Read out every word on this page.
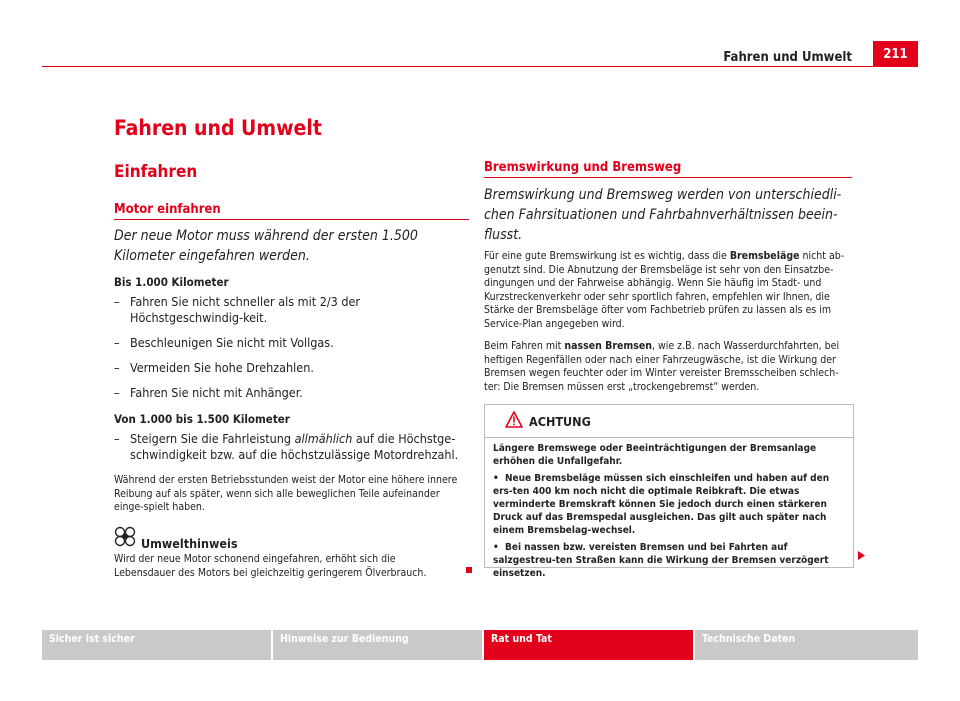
Fahren und Umwelt	211
Fahren und Umwelt
Einfahren
Motor einfahren
Der neue Motor muss während der ersten 1.500 Kilometer eingefahren werden.
Bis 1.000 Kilometer
– Fahren Sie nicht schneller als mit 2/3 der Höchstgeschwindig-keit.
– Beschleunigen Sie nicht mit Vollgas.
– Vermeiden Sie hohe Drehzahlen.
– Fahren Sie nicht mit Anhänger.
Von 1.000 bis 1.500 Kilometer
– Steigern Sie die Fahrleistung allmählich auf die Höchstge-schwindigkeit bzw. auf die höchstzulässige Motordrehzahl.
Während der ersten Betriebsstunden weist der Motor eine höhere innere Reibung auf als später, wenn sich alle beweglichen Teile aufeinander einge-spielt haben.
Umwelthinweis
Wird der neue Motor schonend eingefahren, erhöht sich die Lebensdauer des Motors bei gleichzeitig geringerem Ölverbrauch.
Bremswirkung und Bremsweg
Bremswirkung und Bremsweg werden von unterschiedli-chen Fahrsituationen und Fahrbahnverhältnissen beein-flusst.
Für eine gute Bremswirkung ist es wichtig, dass die Bremsbeläge nicht ab-genutzt sind. Die Abnutzung der Bremsbeläge ist sehr von den Einsatzbe-dingungen und der Fahrweise abhängig. Wenn Sie häufig im Stadt- und Kurzstreckenverkehr oder sehr sportlich fahren, empfehlen wir Ihnen, die Stärke der Bremsbeläge öfter vom Fachbetrieb prüfen zu lassen als es im Service-Plan angegeben wird.
Beim Fahren mit nassen Bremsen, wie z.B. nach Wasserdurchfahrten, bei heftigen Regenfällen oder nach einer Fahrzeugwäsche, ist die Wirkung der Bremsen wegen feuchter oder im Winter vereister Bremsscheiben schlech-ter: Die Bremsen müssen erst „trockengebremst“ werden.
ACHTUNG

Längere Bremswege oder Beeinträchtigungen der Bremsanlage erhöhen die Unfallgefahr.

•  Neue Bremsbeläge müssen sich einschleifen und haben auf den ers-ten 400 km noch nicht die optimale Reibkraft. Die etwas verminderte Bremskraft können Sie jedoch durch einen stärkeren Druck auf das Bremspedal ausgleichen. Das gilt auch später nach einem Bremsbelag-wechsel.

•  Bei nassen bzw. vereisten Bremsen und bei Fahrten auf salzgestreu-ten Straßen kann die Wirkung der Bremsen verzögert einsetzen.

Sicher ist sicher	Hinweise zur Bedienung	Rat und Tat	Technische Daten
